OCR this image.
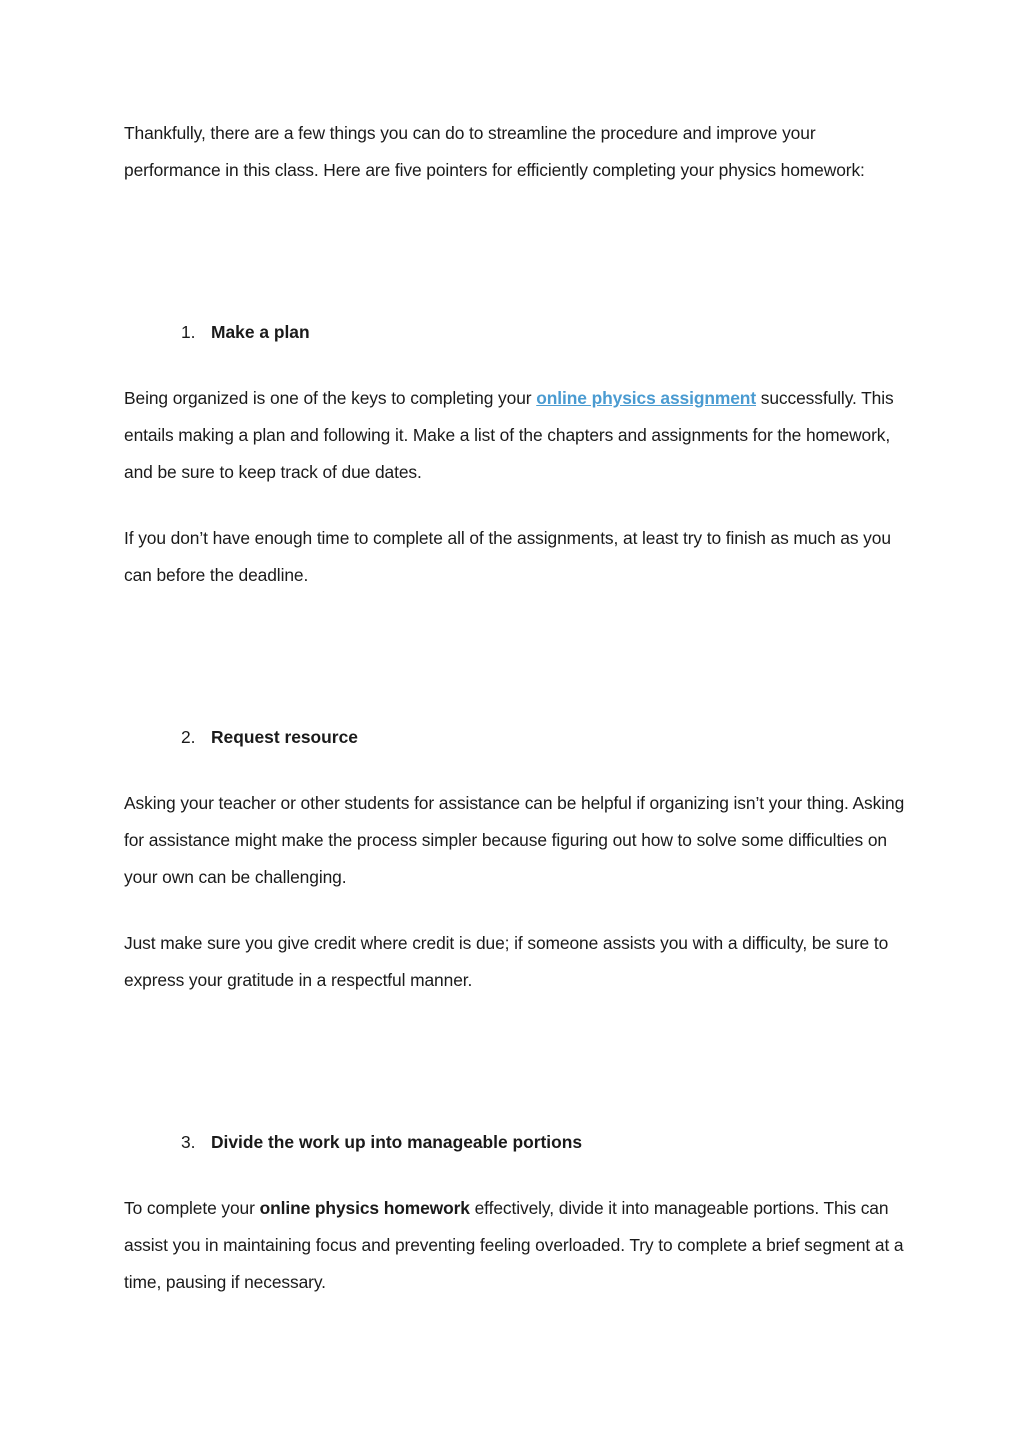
Thankfully, there are a few things you can do to streamline the procedure and improve your performance in this class. Here are five pointers for efficiently completing your physics homework:

1. Make a plan

Being organized is one of the keys to completing your online physics assignment successfully. This entails making a plan and following it. Make a list of the chapters and assignments for the homework, and be sure to keep track of due dates.

If you don’t have enough time to complete all of the assignments, at least try to finish as much as you can before the deadline.

2. Request resource

Asking your teacher or other students for assistance can be helpful if organizing isn’t your thing. Asking for assistance might make the process simpler because figuring out how to solve some difficulties on your own can be challenging.

Just make sure you give credit where credit is due; if someone assists you with a difficulty, be sure to express your gratitude in a respectful manner.

3. Divide the work up into manageable portions

To complete your online physics homework effectively, divide it into manageable portions. This can assist you in maintaining focus and preventing feeling overloaded. Try to complete a brief segment at a time, pausing if necessary.
